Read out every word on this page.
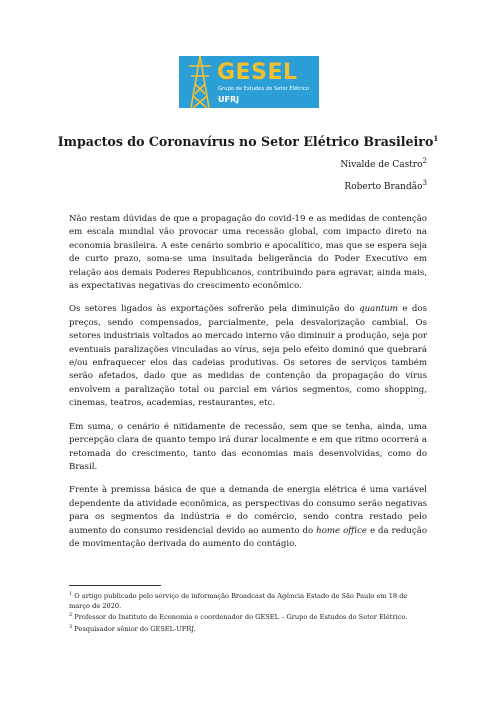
GESEL
Grupo de Estudos do Setor Elétrico
UFRJ
Impactos do Coronavírus no Setor Elétrico Brasileiro$^1$
Nivalde de Castro$^2$
Roberto Brandão$^3$

Não restam dúvidas de que a propagação do covid-19 e as medidas de contenção em escala mundial vão provocar uma recessão global, com impacto direto na economia brasileira. A este cenário sombrio e apocalítico, mas que se espera seja de curto prazo, soma-se uma insuitada beligerância do Poder Executivo em relação aos demais Poderes Republicanos, contribuindo para agravar, ainda mais, as expectativas negativas do crescimento econômico.

Os setores ligados às exportações sofrerão pela diminuição do quantum e dos preços, sendo compensados, parcialmente, pela desvalorização cambial. Os setores industriais voltados ao mercado interno vão diminuir a produção, seja por eventuais paralizações vinculadas ao vírus, seja pelo efeito dominó que quebrará e/ou enfraquecer elos das cadeias produtivas. Os setores de serviços também serão afetados, dado que as medidas de contenção da propagação do vírus envolvem a paralização total ou parcial em vários segmentos, como shopping, cinemas, teatros, academias, restaurantes, etc.

Em suma, o cenário é nitidamente de recessão, sem que se tenha, ainda, uma percepção clara de quanto tempo irá durar localmente e em que ritmo ocorrerá a retomada do crescimento, tanto das economias mais desenvolvidas, como do Brasil.

Frente à premissa básica de que a demanda de energia elétrica é uma variável dependente da atividade econômica, as perspectivas do consumo serão negativas para os segmentos da indústria e do comércio, sendo contra restado pelo aumento do consumo residencial devido ao aumento do home office e da redução de movimentação derivada do aumento do contágio.

$^1$ O artigo publicado pelo serviço de informação Broadcast da Agência Estado de São Paulo em 18 de março de 2020.
$^2$ Professor do Instituto de Economia e coordenador do GESEL – Grupo de Estudos do Setor Elétrico.
$^3$ Pesquisador sênior do GESEL-UFRJ.
